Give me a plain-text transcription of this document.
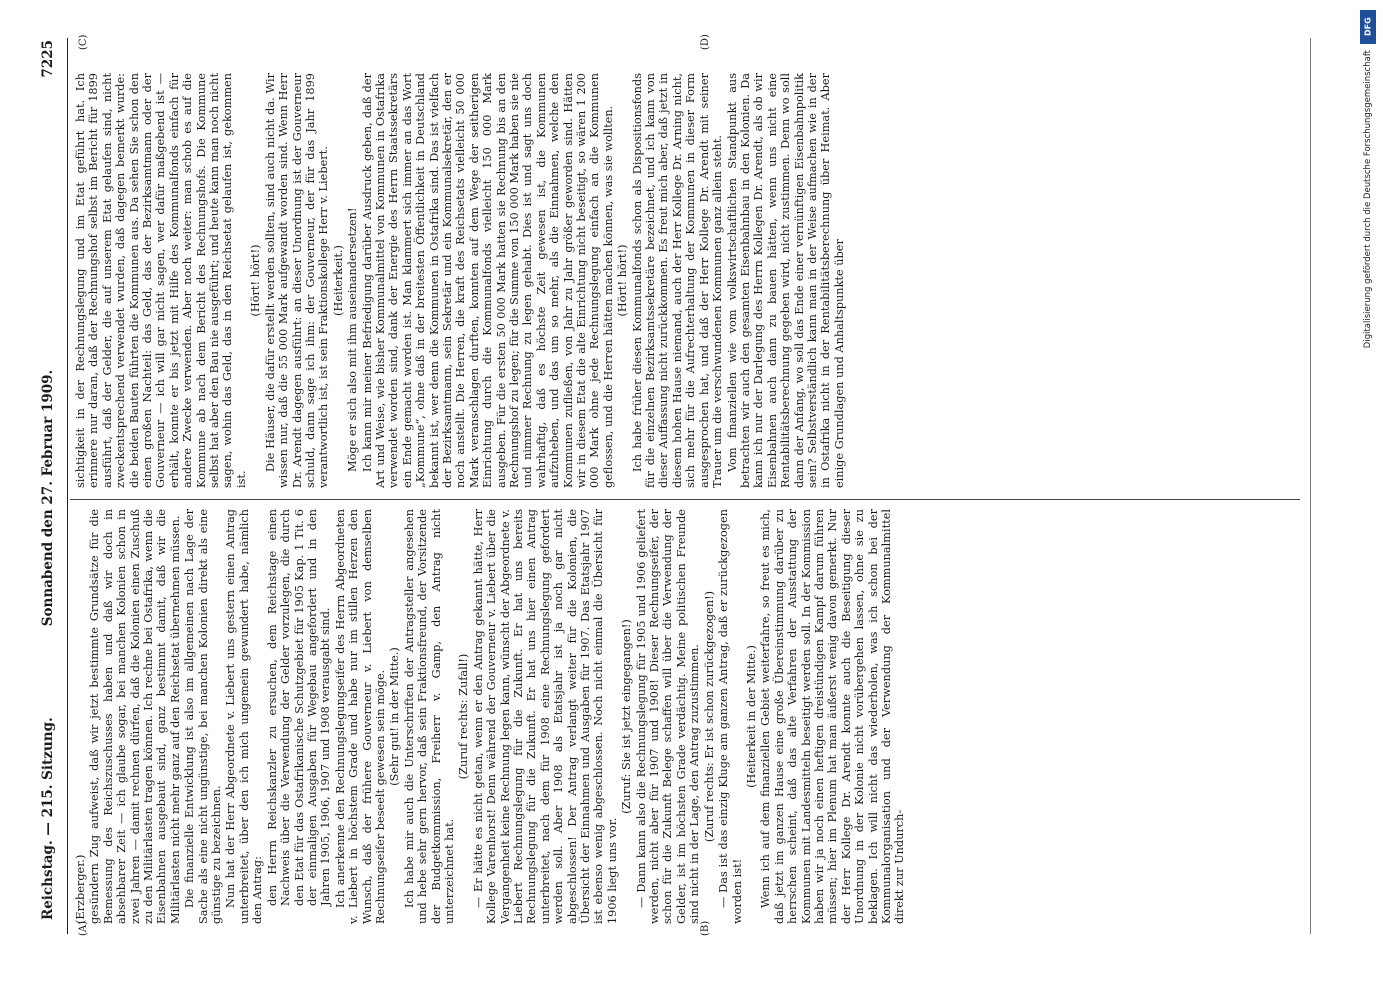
Reichstag. — 215. Sitzung.
Sonnabend den 27. Februar 1909.
7225
(A)	(B)
(C)	(D)

(Erzberger.) gesündern Zug aufweist, daß wir jetzt bestimmte Grundsätze für die Bemessung des Reichszuschusses haben und daß wir doch in absehbarer Zeit — ich glaube sogar, bei manchen Kolonien schon in zwei Jahren — damit rechnen dürfen, daß die Kolonien einen Zuschuß zu den Militärlasten tragen können. Ich rechne bei Ostafrika, wenn die Eisenbahnen ausgebaut sind, ganz bestimmt damit, daß wir die Militärlasten nicht mehr ganz auf den Reichsetat übernehmen müssen. Die finanzielle Entwicklung ist also im allgemeinen nach Lage der Sache als eine nicht ungünstige, bei manchen Kolonien direkt als eine günstige zu bezeichnen. Nun hat der Herr Abgeordnete v. Liebert uns gestern einen Antrag unterbreitet, über den ich mich ungemein gewundert habe, nämlich den Antrag: den Herrn Reichskanzler zu ersuchen, dem Reichstage einen Nachweis über die Verwendung der Gelder vorzulegen, die durch den Etat für das Ostafrikanische Schutzgebiet für 1905 Kap. 1 Tit. 6 der einmaligen Ausgaben für Wegebau angefordert und in den Jahren 1905, 1906, 1907 und 1908 verausgabt sind. Ich anerkenne den Rechnungslegungseifer des Herrn Abgeordneten v. Liebert in höchstem Grade und habe nur im stillen Herzen den Wunsch, daß der frühere Gouverneur v. Liebert von demselben Rechnungseifer beseelt gewesen sein möge. (Sehr gut! in der Mitte.) Ich habe mir auch die Unterschriften der Antragsteller angesehen und hebe sehr gern hervor, daß sein Fraktionsfreund, der Vorsitzende der Budgetkommission, Freiherr v. Gamp, den Antrag nicht unterzeichnet hat.

(Zuruf rechts: Zufall!) — Er hätte es nicht getan, wenn er den Antrag gekannt hätte, Herr Kollege Varenhorst! Denn während der Gouverneur v. Liebert über die Vergangenheit keine Rechnung legen kann, wünscht der Abgeordnete v. Liebert Rechnungslegung für die Zukunft. Er hat uns bereits Rechnungslegung für die Zukunft. Er hat uns hier einen Antrag unterbreitet, nach dem für 1908 eine Rechnungslegung gefordert werden soll. Aber 1908 als Etatsjahr ist ja noch gar nicht abgeschlossen! Der Antrag verlangt weiter für die Kolonien, die Übersicht der Einnahmen und Ausgaben für 1907. Das Etatsjahr 1907 ist ebenso wenig abgeschlossen. Noch nicht einmal die Übersicht für 1906 liegt uns vor.

(Zuruf: Sie ist jetzt eingegangen!) — Dann kann also die Rechnungslegung für 1905 und 1906 geliefert werden, nicht aber für 1907 und 1908! Dieser Rechnungseifer, der schon für die Zukunft Belege schaffen will über die Verwendung der Gelder, ist im höchsten Grade verdächtig. Meine politischen Freunde sind nicht in der Lage, den Antrag zuzustimmen. (Zuruf rechts: Er ist schon zurückgezogen!) — Das ist das einzig Kluge am ganzen Antrag, daß er zurückgezogen worden ist!

(Heiterkeit in der Mitte.) Wenn ich auf dem finanziellen Gebiet weiterfahre, so freut es mich, daß jetzt im ganzen Hause eine große Übereinstimmung darüber zu herrschen scheint, daß das alte Verfahren der Ausstattung der Kommunen mit Landesmitteln beseitigt werden soll. In der Kommission haben wir ja noch einen heftigen dreistündigen Kampf darum führen müssen; hier im Plenum hat man äußerst wenig davon gemerkt. Nur der Herr Kollege Dr. Arendt konnte auch die Beseitigung dieser Unordnung in der Kolonie nicht vorübergehen lassen, ohne sie zu beklagen. Ich will nicht das wiederholen, was ich schon bei der Kommunalorganisation und der Verwendung der Kommunalmittel direkt zur Undurch-

sichtigkeit in der Rechnungslegung und im Etat geführt hat. Ich erinnere nur daran, daß der Rechnungshof selbst im Bericht für 1899 ausführt, daß der Gelder, die auf unserem Etat gelaufen sind, nicht zweckentsprechend verwendet wurden, daß dagegen bemerkt wurde: die beiden Bauten führten die Kommunen aus. Da sehen Sie schon den einen großen Nachteil: das Geld, das der Bezirksamtmann oder der Gouverneur — ich will gar nicht sagen, wer dafür maßgebend ist — erhält, konnte er bis jetzt mit Hilfe des Kommunalfonds einfach für andere Zwecke verwenden. Aber noch weiter: man schob es auf die Kommune ab nach dem Bericht des Rechnungshofs. Die Kommune selbst hat aber den Bau nie ausgeführt; und heute kann man noch nicht sagen, wohin das Geld, das in den Reichsetat gelaufen ist, gekommen ist.

(Hört! hört!) Die Häuser, die dafür erstellt werden sollten, sind auch nicht da. Wir wissen nur, daß die 55 000 Mark aufgewandt worden sind. Wenn Herr Dr. Arendt dagegen ausführt: an dieser Unordnung ist der Gouverneur schuld, dann sage ich ihm: der Gouverneur, der für das Jahr 1899 verantwortlich ist, ist sein Fraktionskollege Herr v. Liebert. (Heiterkeit.) Möge er sich also mit ihm auseinandersetzen! Ich kann mir meiner Befriedigung darüber Ausdruck geben, daß der Art und Weise, wie bisher Kommunalmittel von Kommunen in Ostafrika verwendet worden sind, dank der Energie des Herrn Staatssekretärs ein Ende gemacht worden ist. Man klammert sich immer an das Wort „Kommune“, ohne daß in der breitesten Öffentlichkeit in Deutschland bekannt ist, wer denn die Kommunen in Ostafrika sind. Das ist vielfach der Bezirksamtmann, sein Sekretär und ein Kommunalsekretär, den er noch anstellt. Die Herren, die kraft des Reichsetats vielleicht 50 000 Mark veranschlagen durften, konnten auf dem Wege der seitherigen Einrichtung durch die Kommunalfonds vielleicht 150 000 Mark ausgeben. Für die ersten 50 000 Mark hatten sie Rechnung bis an den Rechnungshof zu legen; für die Summe von 150 000 Mark haben sie nie und nimmer Rechnung zu legen gehabt. Dies ist und sagt uns doch wahrhaftig, daß es höchste Zeit gewesen ist, die Kommunen aufzuheben, und das um so mehr, als die Einnahmen, welche den Kommunen zufließen, von Jahr zu Jahr größer geworden sind. Hätten wir in diesem Etat die alte Einrichtung nicht beseitigt, so wären 1 200 000 Mark ohne jede Rechnungslegung einfach an die Kommunen geflossen, und die Herren hätten machen können, was sie wollten. (Hört! hört!) Ich habe früher diesen Kommunalfonds schon als Dispositionsfonds für die einzelnen Bezirksamtssekretäre bezeichnet, und ich kann von dieser Auffassung nicht zurückkommen. Es freut mich aber, daß jetzt in diesem hohen Hause niemand, auch der Herr Kollege Dr. Arning nicht, sich mehr für die Aufrechterhaltung der Kommunen in dieser Form ausgesprochen hat, und daß der Herr Kollege Dr. Arendt mit seiner Trauer um die verschwundenen Kommunen ganz allein steht. Vom finanziellen wie vom volkswirtschaftlichen Standpunkt aus betrachten wir auch den gesamten Eisenbahnbau in den Kolonien. Da kann ich nur der Darlegung des Herrn Kollegen Dr. Arendt, als ob wir Eisenbahnen auch dann zu bauen hätten, wenn uns nicht eine Rentabilitätsberechnung gegeben wird, nicht zustimmen. Denn wo soll dann der Anfang, wo soll das Ende einer vernünftigen Eisenbahnpolitik sein? Selbstverständlich kann man in der Weise aufmachen wie in der in Ostafrika nicht in der Rentabilitätsberechnung über Heimat. Aber einige Grundlagen und Anhaltspunkte über

DFG
Digitalisierung gefördert durch die Deutsche Forschungsgemeinschaft
